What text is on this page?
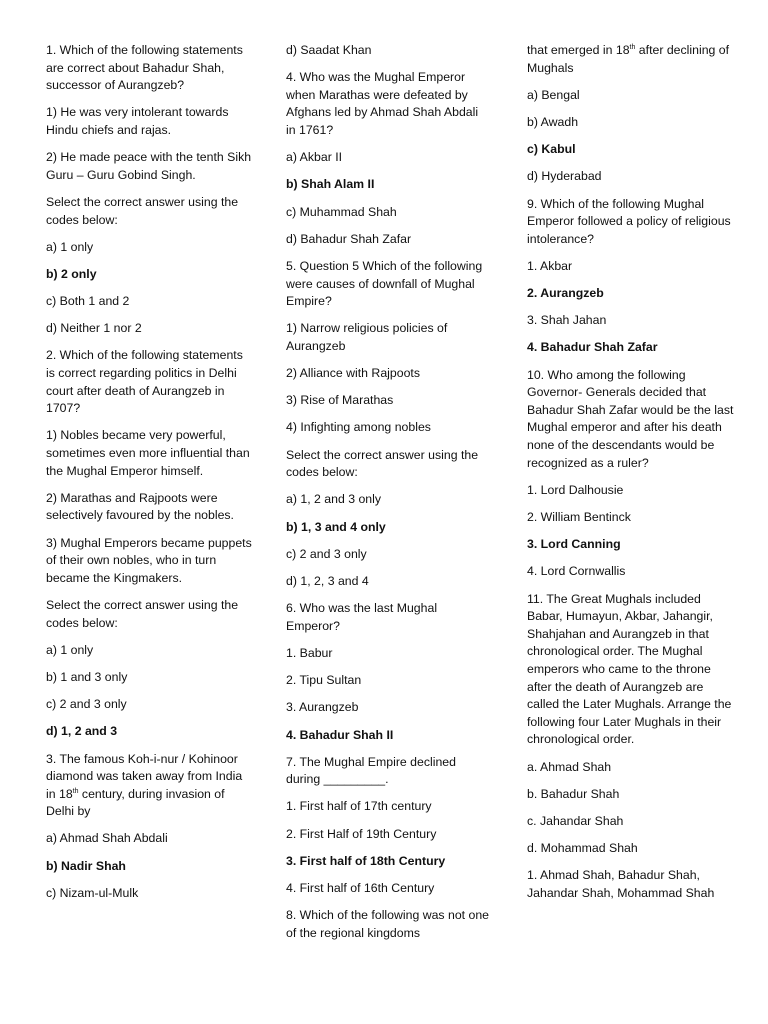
1. Which of the following statements are correct about Bahadur Shah, successor of Aurangzeb?

1) He was very intolerant towards Hindu chiefs and rajas.

2) He made peace with the tenth Sikh Guru – Guru Gobind Singh.

Select the correct answer using the codes below:

a) 1 only

b) 2 only

c) Both 1 and 2

d) Neither 1 nor 2

2. Which of the following statements is correct regarding politics in Delhi court after death of Aurangzeb in 1707?

1) Nobles became very powerful, sometimes even more influential than the Mughal Emperor himself.

2) Marathas and Rajpoots were selectively favoured by the nobles.

3) Mughal Emperors became puppets of their own nobles, who in turn became the Kingmakers.

Select the correct answer using the codes below:

a) 1 only

b) 1 and 3 only

c) 2 and 3 only

d) 1, 2 and 3

3. The famous Koh-i-nur / Kohinoor diamond was taken away from India in 18th century, during invasion of Delhi by

a) Ahmad Shah Abdali

b) Nadir Shah

c) Nizam-ul-Mulk

d) Saadat Khan

4. Who was the Mughal Emperor when Marathas were defeated by Afghans led by Ahmad Shah Abdali in 1761?

a) Akbar II

b) Shah Alam II

c) Muhammad Shah

d) Bahadur Shah Zafar

5. Question 5 Which of the following were causes of downfall of Mughal Empire?

1) Narrow religious policies of Aurangzeb

2) Alliance with Rajpoots

3) Rise of Marathas

4) Infighting among nobles

Select the correct answer using the codes below:

a) 1, 2 and 3 only

b) 1, 3 and 4 only

c) 2 and 3 only

d) 1, 2, 3 and 4

6. Who was the last Mughal Emperor?

1. Babur

2. Tipu Sultan

3. Aurangzeb

4. Bahadur Shah II

7. The Mughal Empire declined during _________.

1. First half of 17th century

2. First Half of 19th Century

3. First half of 18th Century

4. First half of 16th Century

8. Which of the following was not one of the regional kingdoms

that emerged in 18th after declining of Mughals

a) Bengal

b) Awadh

c) Kabul

d) Hyderabad

9. Which of the following Mughal Emperor followed a policy of religious intolerance?

1. Akbar

2. Aurangzeb

3. Shah Jahan

4. Bahadur Shah Zafar

10. Who among the following Governor- Generals decided that Bahadur Shah Zafar would be the last Mughal emperor and after his death none of the descendants would be recognized as a ruler?

1. Lord Dalhousie

2. William Bentinck

3. Lord Canning

4. Lord Cornwallis

11. The Great Mughals included Babar, Humayun, Akbar, Jahangir, Shahjahan and Aurangzeb in that chronological order. The Mughal emperors who came to the throne after the death of Aurangzeb are called the Later Mughals. Arrange the following four Later Mughals in their chronological order.

a. Ahmad Shah

b. Bahadur Shah

c. Jahandar Shah

d. Mohammad Shah

1. Ahmad Shah, Bahadur Shah, Jahandar Shah, Mohammad Shah
